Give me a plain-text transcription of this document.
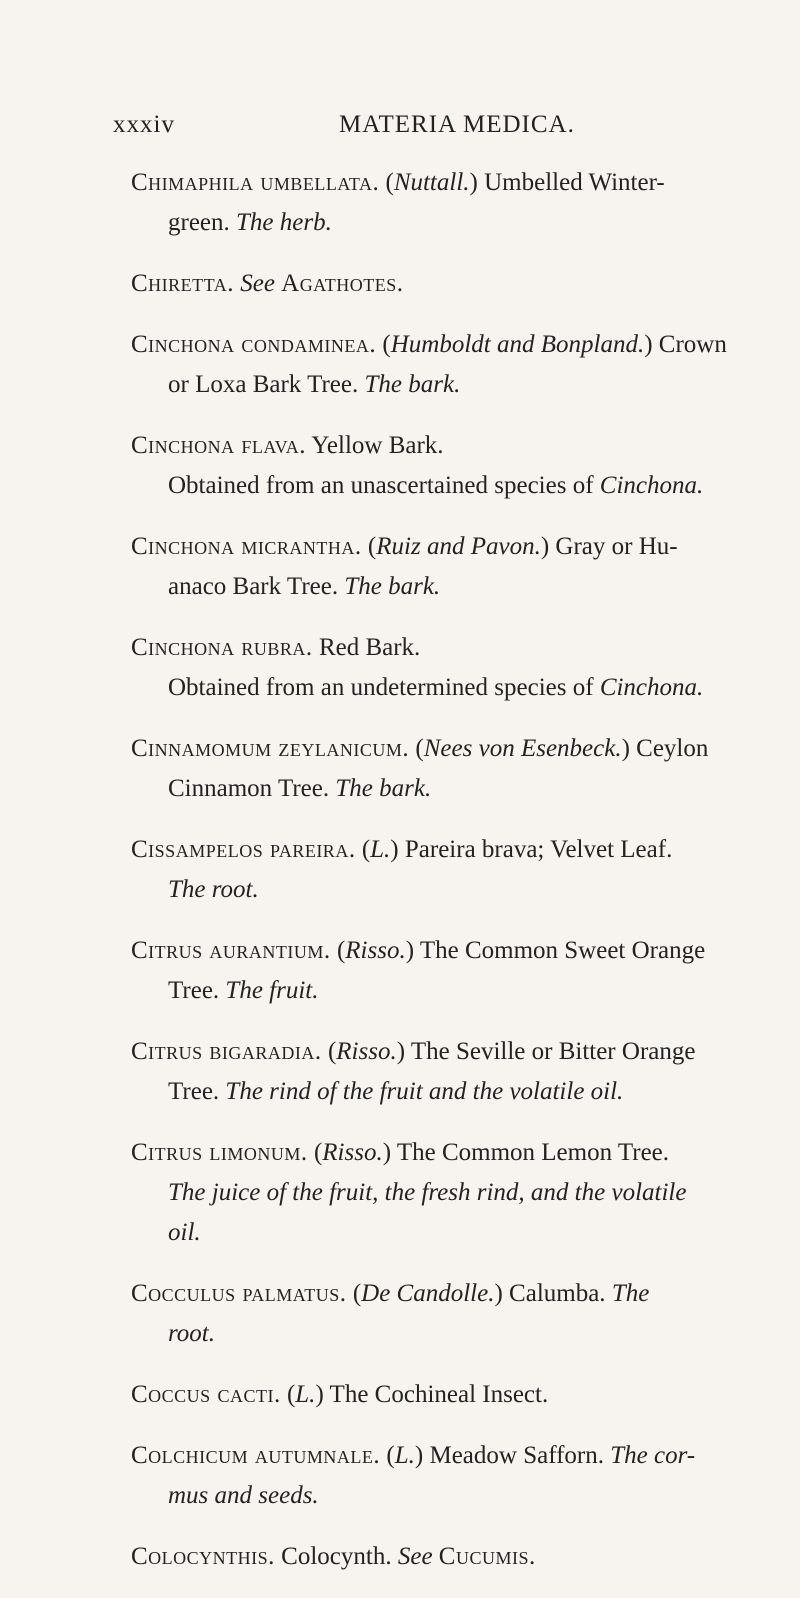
xxxiv	MATERIA MEDICA.
Chimaphila umbellata. (Nuttall.) Umbelled Winter-
green. The herb.
Chiretta. See Agathotes.
Cinchona condaminea. (Humboldt and Bonpland.) Crown
or Loxa Bark Tree. The bark.
Cinchona flava. Yellow Bark.
Obtained from an unascertained species of Cinchona.
Cinchona micrantha. (Ruiz and Pavon.) Gray or Hu-
anaco Bark Tree. The bark.
Cinchona rubra. Red Bark.
Obtained from an undetermined species of Cinchona.
Cinnamomum zeylanicum. (Nees von Esenbeck.) Ceylon
Cinnamon Tree. The bark.
Cissampelos pareira. (L.) Pareira brava; Velvet Leaf.
The root.
Citrus aurantium. (Risso.) The Common Sweet Orange
Tree. The fruit.
Citrus bigaradia. (Risso.) The Seville or Bitter Orange
Tree. The rind of the fruit and the volatile oil.
Citrus limonum. (Risso.) The Common Lemon Tree.
The juice of the fruit, the fresh rind, and the volatile
oil.
Cocculus palmatus. (De Candolle.) Calumba. The
root.
Coccus cacti. (L.) The Cochineal Insect.
Colchicum autumnale. (L.) Meadow Safforn. The cor-
mus and seeds.
Colocynthis. Colocynth. See Cucumis.
